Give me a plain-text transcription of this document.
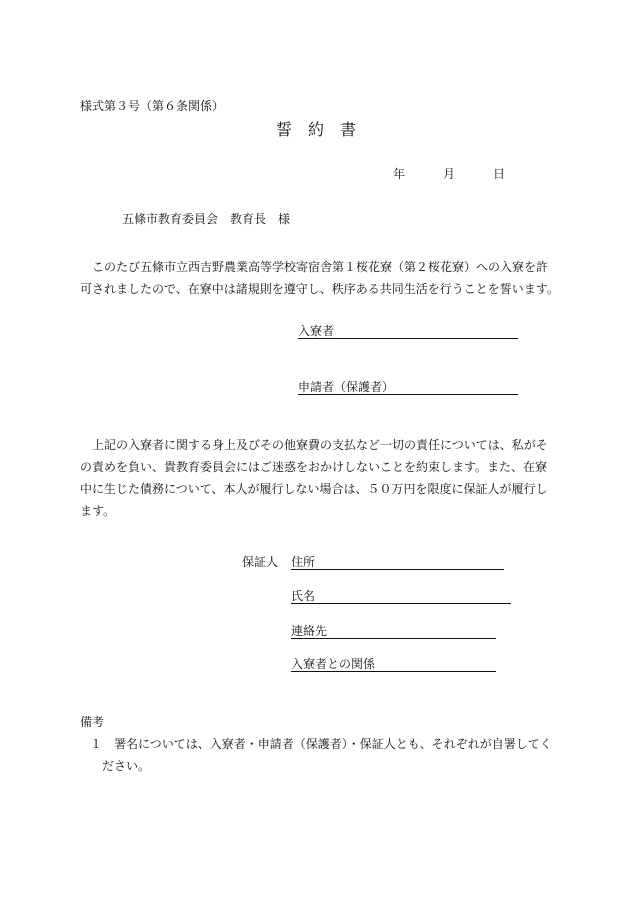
様式第３号（第６条関係）
誓　約　書
年	月	日
五條市教育委員会　教育長　様
このたび五條市立西吉野農業高等学校寄宿舎第１桜花寮（第２桜花寮）への入寮を許
可されましたので、在寮中は諸規則を遵守し、秩序ある共同生活を行うことを誓います。
入寮者
申請者（保護者）
上記の入寮者に関する身上及びその他寮費の支払など一切の責任については、私がそ
の責めを負い、貴教育委員会にはご迷惑をおかけしないことを約束します。また、在寮
中に生じた債務について、本人が履行しない場合は、５０万円を限度に保証人が履行し
ます。
保証人 住所
氏名
連絡先
入寮者との関係
備考
１ 署名については、入寮者・申請者（保護者）・保証人とも、それぞれが自署してく
ださい。
